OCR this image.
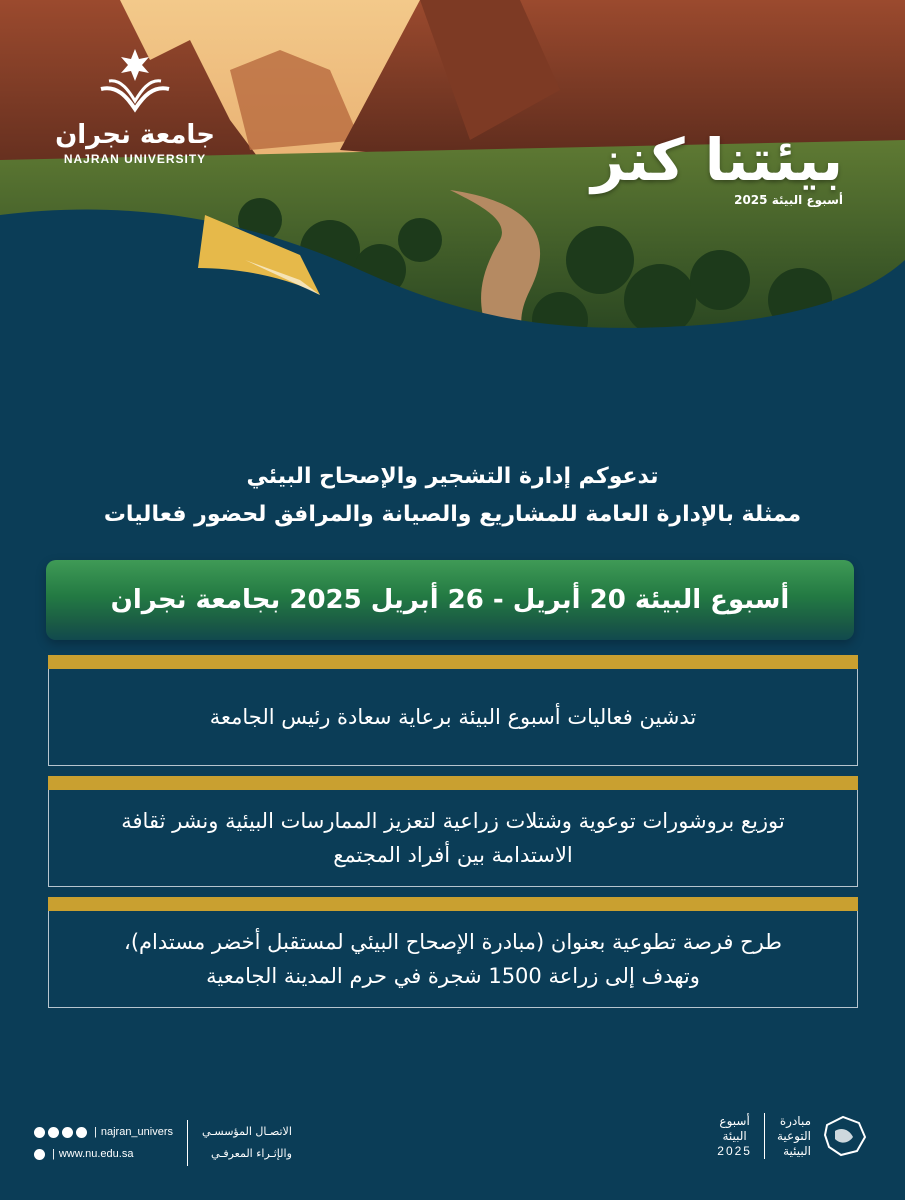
جامعة نجران
NAJRAN UNIVERSITY	بيئتنا كنز
أسبوع البيئة 2025
تدعوكم إدارة التشجير والإصحاح البيئي
ممثلة بالإدارة العامة للمشاريع والصيانة والمرافق لحضور فعاليات
أسبوع البيئة 20 أبريل - 26 أبريل 2025 بجامعة نجران
تدشين فعاليات أسبوع البيئة برعاية سعادة رئيس الجامعة
توزيع بروشورات توعوية وشتلات زراعية لتعزيز الممارسات البيئية ونشر ثقافة
الاستدامة بين أفراد المجتمع
طرح فرصة تطوعية بعنوان (مبادرة الإصحاح البيئي لمستقبل أخضر مستدام)،
وتهدف إلى زراعة 1500 شجرة في حرم المدينة الجامعية
| najran_univers
| www.nu.edu.sa
الاتصـال المؤسسـي
والإثـراء المعرفـي
أسبوع
البيئة
2025
مبادرة
التوعية
البيئية
